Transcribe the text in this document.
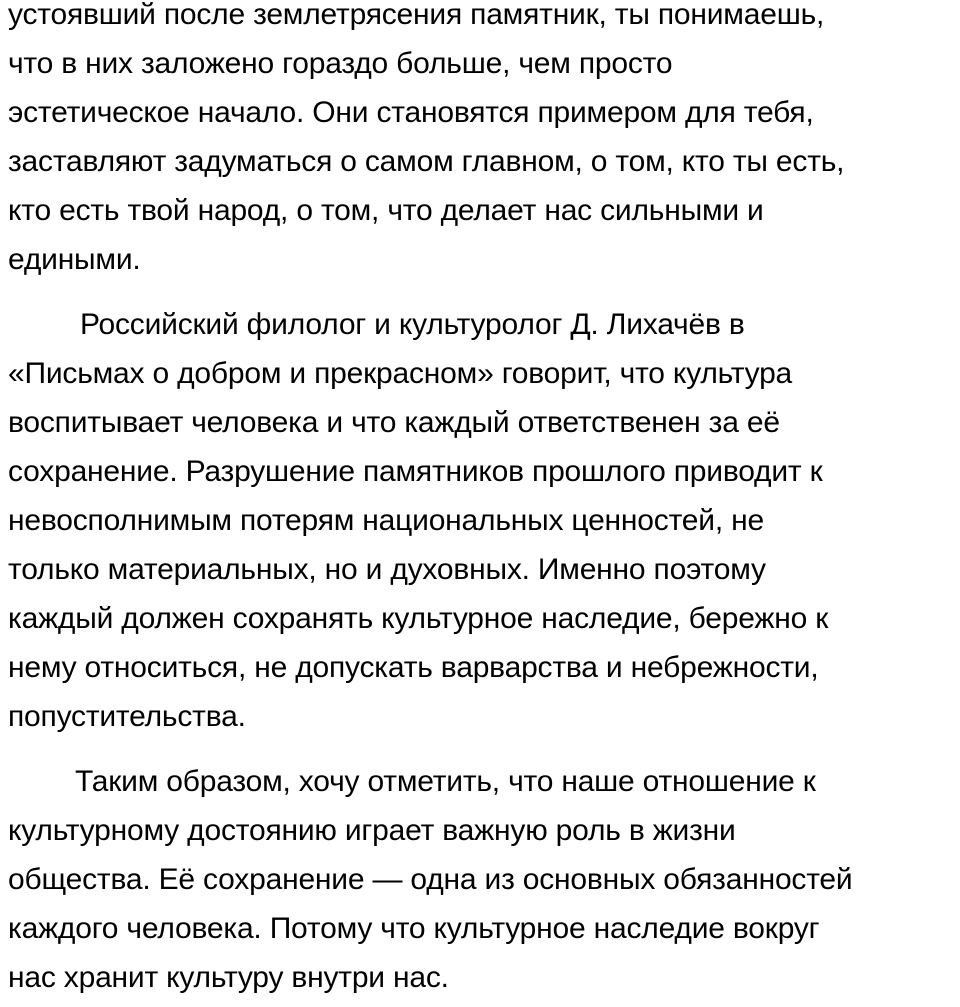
устоявший после землетрясения памятник, ты понимаешь,
что в них заложено гораздо больше, чем просто
эстетическое начало. Они становятся примером для тебя,
заставляют задуматься о самом главном, о том, кто ты есть,
кто есть твой народ, о том, что делает нас сильными и
едиными.
Российский филолог и культуролог Д. Лихачёв в
«Письмах о добром и прекрасном» говорит, что культура
воспитывает человека и что каждый ответственен за её
сохранение. Разрушение памятников прошлого приводит к
невосполнимым потерям национальных ценностей, не
только материальных, но и духовных. Именно поэтому
каждый должен сохранять культурное наследие, бережно к
нему относиться, не допускать варварства и небрежности,
попустительства.
Таким образом, хочу отметить, что наше отношение к
культурному достоянию играет важную роль в жизни
общества. Её сохранение — одна из основных обязанностей
каждого человека. Потому что культурное наследие вокруг
нас хранит культуру внутри нас.
